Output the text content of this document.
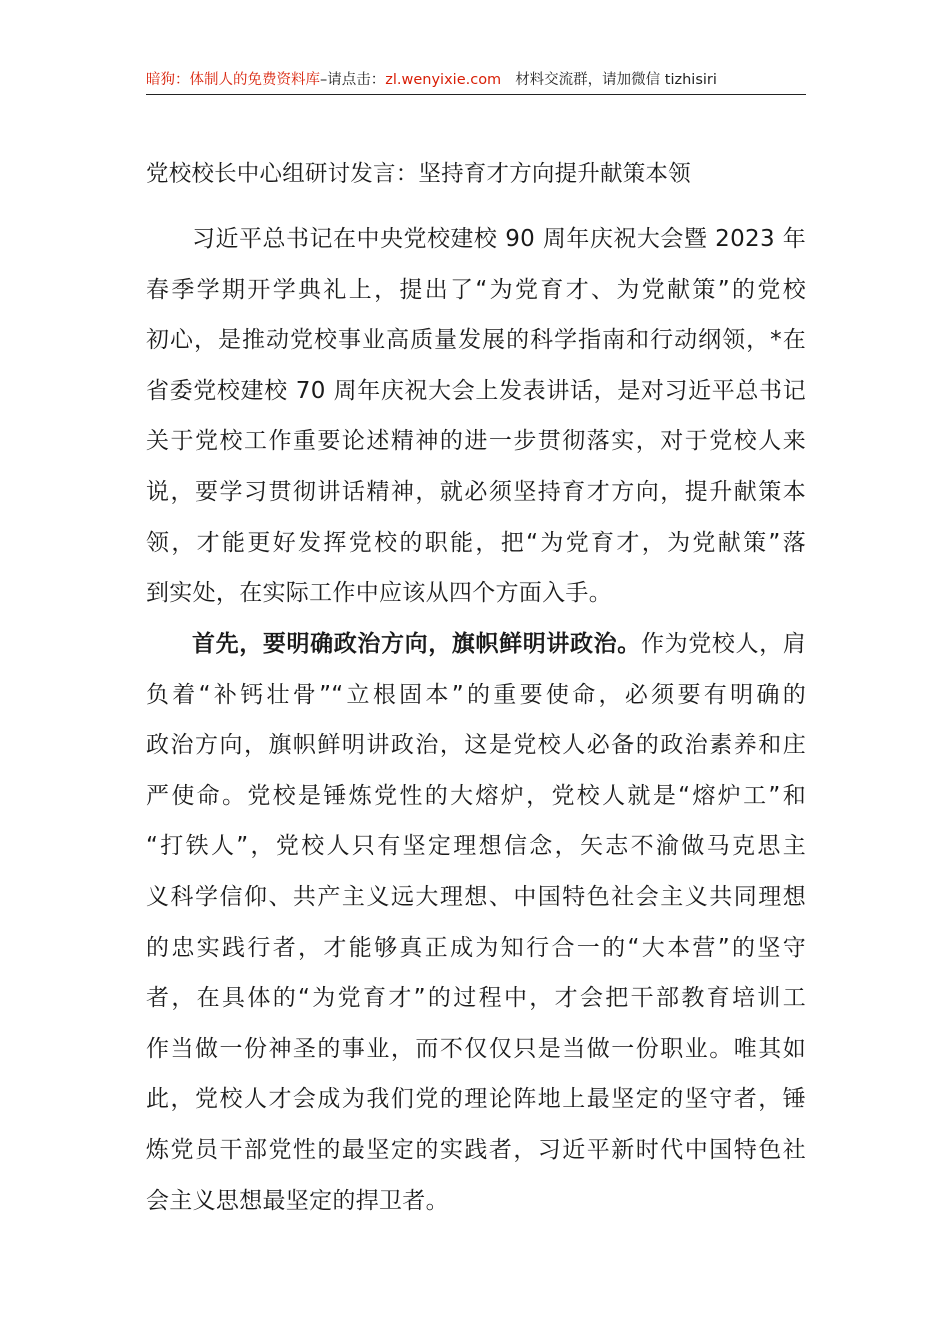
暗狗：体制人的免费资料库–请点击：zl.wenyixie.com 材料交流群，请加微信 tizhisiri
党校校长中心组研讨发言：坚持育才方向提升献策本领
习近平总书记在中央党校建校 90 周年庆祝大会暨 2023 年
春季学期开学典礼上，提出了“为党育才、为党献策”的党校
初心，是推动党校事业高质量发展的科学指南和行动纲领，*在
省委党校建校 70 周年庆祝大会上发表讲话，是对习近平总书记
关于党校工作重要论述精神的进一步贯彻落实，对于党校人来
说，要学习贯彻讲话精神，就必须坚持育才方向，提升献策本
领，才能更好发挥党校的职能，把“为党育才，为党献策”落
到实处，在实际工作中应该从四个方面入手。
首先，要明确政治方向，旗帜鲜明讲政治。作为党校人，肩
负着“补钙壮骨”“立根固本”的重要使命，必须要有明确的
政治方向，旗帜鲜明讲政治，这是党校人必备的政治素养和庄
严使命。党校是锤炼党性的大熔炉，党校人就是“熔炉工”和
“打铁人”，党校人只有坚定理想信念，矢志不渝做马克思主
义科学信仰、共产主义远大理想、中国特色社会主义共同理想
的忠实践行者，才能够真正成为知行合一的“大本营”的坚守
者，在具体的“为党育才”的过程中，才会把干部教育培训工
作当做一份神圣的事业，而不仅仅只是当做一份职业。唯其如
此，党校人才会成为我们党的理论阵地上最坚定的坚守者，锤
炼党员干部党性的最坚定的实践者，习近平新时代中国特色社
会主义思想最坚定的捍卫者。
